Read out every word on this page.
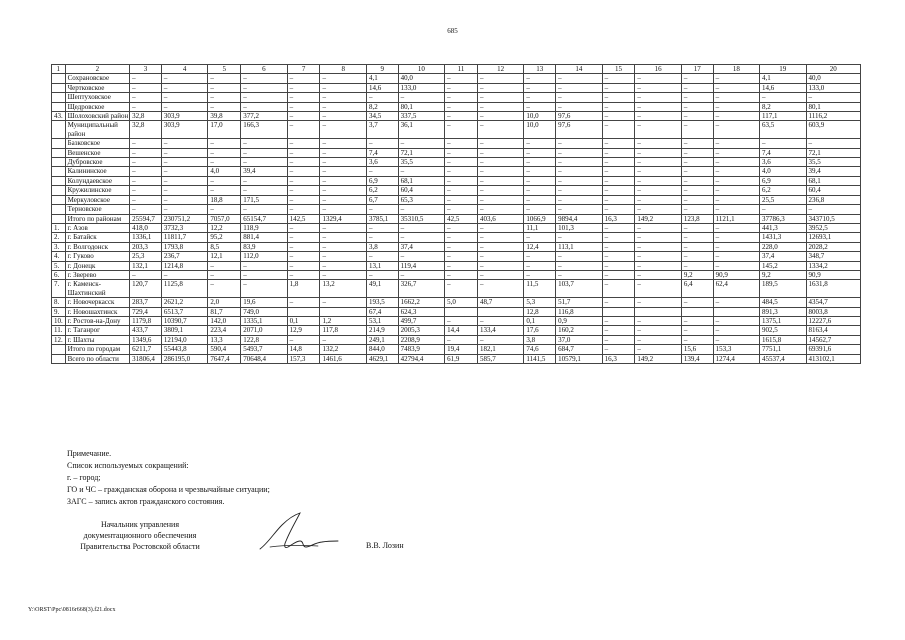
685
1	2	3	4	5	6	7	8	9	10	11	12	13	14	15	16	17	18	19	20
	Сохрановское	–	–	–	–	–	–	4,1	40,0	–	–	–	–	–	–	–	–	4,1	40,0
	Чертковское	–	–	–	–	–	–	14,6	133,0	–	–	–	–	–	–	–	–	14,6	133,0
	Шептуховское	–	–	–	–	–	–	–	–	–	–	–	–	–	–	–	–	–	–
	Щедровское	–	–	–	–	–	–	8,2	80,1	–	–	–	–	–	–	–	–	8,2	80,1
43.	Шолоховский район	32,8	303,9	39,8	377,2	–	–	34,5	337,5	–	–	10,0	97,6	–	–	–	–	117,1	1116,2
	Муниципальный район	32,8	303,9	17,0	166,3	–	–	3,7	36,1	–	–	10,0	97,6	–	–	–	–	63,5	603,9
	Базковское	–	–	–	–	–	–	–	–	–	–	–	–	–	–	–	–	–	–
	Вешенское	–	–	–	–	–	–	7,4	72,1	–	–	–	–	–	–	–	–	7,4	72,1
	Дубровское	–	–	–	–	–	–	3,6	35,5	–	–	–	–	–	–	–	–	3,6	35,5
	Калининское	–	–	4,0	39,4	–	–	–	–	–	–	–	–	–	–	–	–	4,0	39,4
	Колундаевское	–	–	–	–	–	–	6,9	68,1	–	–	–	–	–	–	–	–	6,9	68,1
	Кружилинское	–	–	–	–	–	–	6,2	60,4	–	–	–	–	–	–	–	–	6,2	60,4
	Меркуловское	–	–	18,8	171,5	–	–	6,7	65,3	–	–	–	–	–	–	–	–	25,5	236,8
	Терновское	–	–	–	–	–	–	–	–	–	–	–	–	–	–	–	–	–	–
	Итого по районам	25594,7	230751,2	7057,0	65154,7	142,5	1329,4	3785,1	35310,5	42,5	403,6	1066,9	9894,4	16,3	149,2	123,8	1121,1	37786,3	343710,5
1.	г. Азов	418,0	3732,3	12,2	118,9	–	–	–	–	–	–	11,1	101,3	–	–	–	–	441,3	3952,5
2.	г. Батайск	1336,1	11811,7	95,2	881,4	–	–	–	–	–	–	–	–	–	–	–	–	1431,3	12693,1
3.	г. Волгодонск	203,3	1793,8	8,5	83,9	–	–	3,8	37,4	–	–	12,4	113,1	–	–	–	–	228,0	2028,2
4.	г. Гуково	25,3	236,7	12,1	112,0	–	–	–	–	–	–	–	–	–	–	–	–	37,4	348,7
5.	г. Донецк	132,1	1214,8	–	–	–	–	13,1	119,4	–	–	–	–	–	–	–	–	145,2	1334,2
6.	г. Зверево	–	–	–	–	–	–	–	–	–	–	–	–	–	–	9,2	90,9	9,2	90,9
7.	г. Каменск-Шахтинский	120,7	1125,8	–	–	1,8	13,2	49,1	326,7	–	–	11,5	103,7	–	–	6,4	62,4	189,5	1631,8
8.	г. Новочеркасск	283,7	2621,2	2,0	19,6	–	–	193,5	1662,2	5,0	48,7	5,3	51,7	–	–	–	–	484,5	4354,7
9.	г. Новошахтинск	729,4	6513,7	81,7	749,0			67,4	624,3			12,8	116,8					891,3	8003,8
10.	г. Ростов-на-Дону	1179,8	10390,7	142,0	1335,1	0,1	1,2	53,1	499,7	–	–	0,1	0,9	–	–	–	–	1375,1	12227,6
11.	г. Таганрог	433,7	3809,1	223,4	2071,0	12,9	117,8	214,9	2005,3	14,4	133,4	17,6	160,2	–	–	–	–	902,5	8163,4
12.	г. Шахты	1349,6	12194,0	13,3	122,8	–	–	249,1	2208,9	–	–	3,8	37,0	–	–	–	–	1615,8	14562,7
	Итого по городам	6211,7	55443,8	590,4	5493,7	14,8	132,2	844,0	7483,9	19,4	182,1	74,6	684,7	–	–	15,6	153,3	7751,1	69391,6
	Всего по области	31806,4	286195,0	7647,4	70648,4	157,3	1461,6	4629,1	42794,4	61,9	585,7	1141,5	10579,1	16,3	149,2	139,4	1274,4	45537,4	413102,1
Примечание.
Список используемых сокращений:
г. – город;
ГО и ЧС – гражданская оборона и чрезвычайные ситуации;
ЗАГС – запись актов гражданского состояния.
Начальник управления
документационного обеспечения
Правительства Ростовской области	В.В. Лозин
Y:\ORST\Ppc\0816r668(3).f21.docx
